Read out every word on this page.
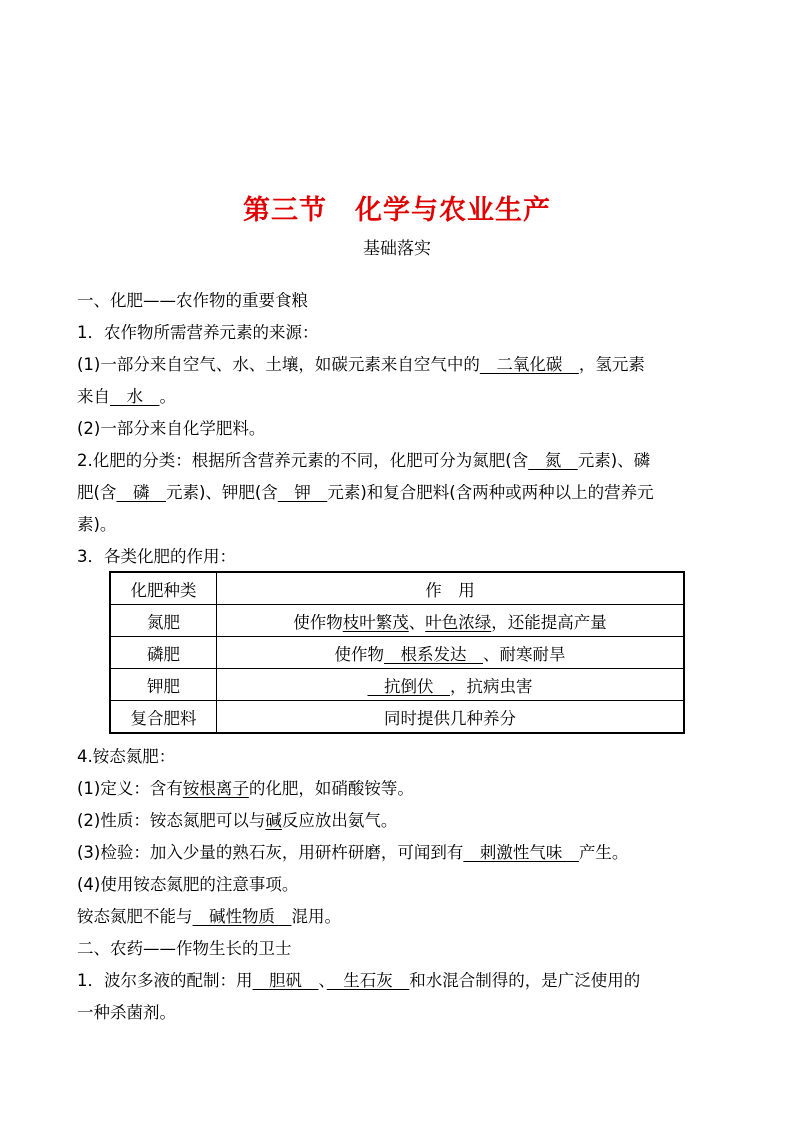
第三节　化学与农业生产
基础落实
一、化肥——农作物的重要食粮
1．农作物所需营养元素的来源：
(1)一部分来自空气、水、土壤，如碳元素来自空气中的　二氧化碳　，氢元素
来自　水　。
(2)一部分来自化学肥料。
2.化肥的分类：根据所含营养元素的不同，化肥可分为氮肥(含　氮　元素)、磷
肥(含　磷　元素)、钾肥(含　钾　元素)和复合肥料(含两种或两种以上的营养元
素)。
3．各类化肥的作用：
化肥种类	作　用
氮肥	使作物枝叶繁茂、叶色浓绿，还能提高产量
磷肥	使作物　根系发达　、耐寒耐旱
钾肥	　抗倒伏　，抗病虫害
复合肥料	同时提供几种养分
4.铵态氮肥：
(1)定义：含有铵根离子的化肥，如硝酸铵等。
(2)性质：铵态氮肥可以与碱反应放出氨气。
(3)检验：加入少量的熟石灰，用研杵研磨，可闻到有　刺激性气味　产生。
(4)使用铵态氮肥的注意事项。
铵态氮肥不能与　碱性物质　混用。
二、农药——作物生长的卫士
1．波尔多液的配制：用　胆矾　、　生石灰　和水混合制得的，是广泛使用的
一种杀菌剂。
